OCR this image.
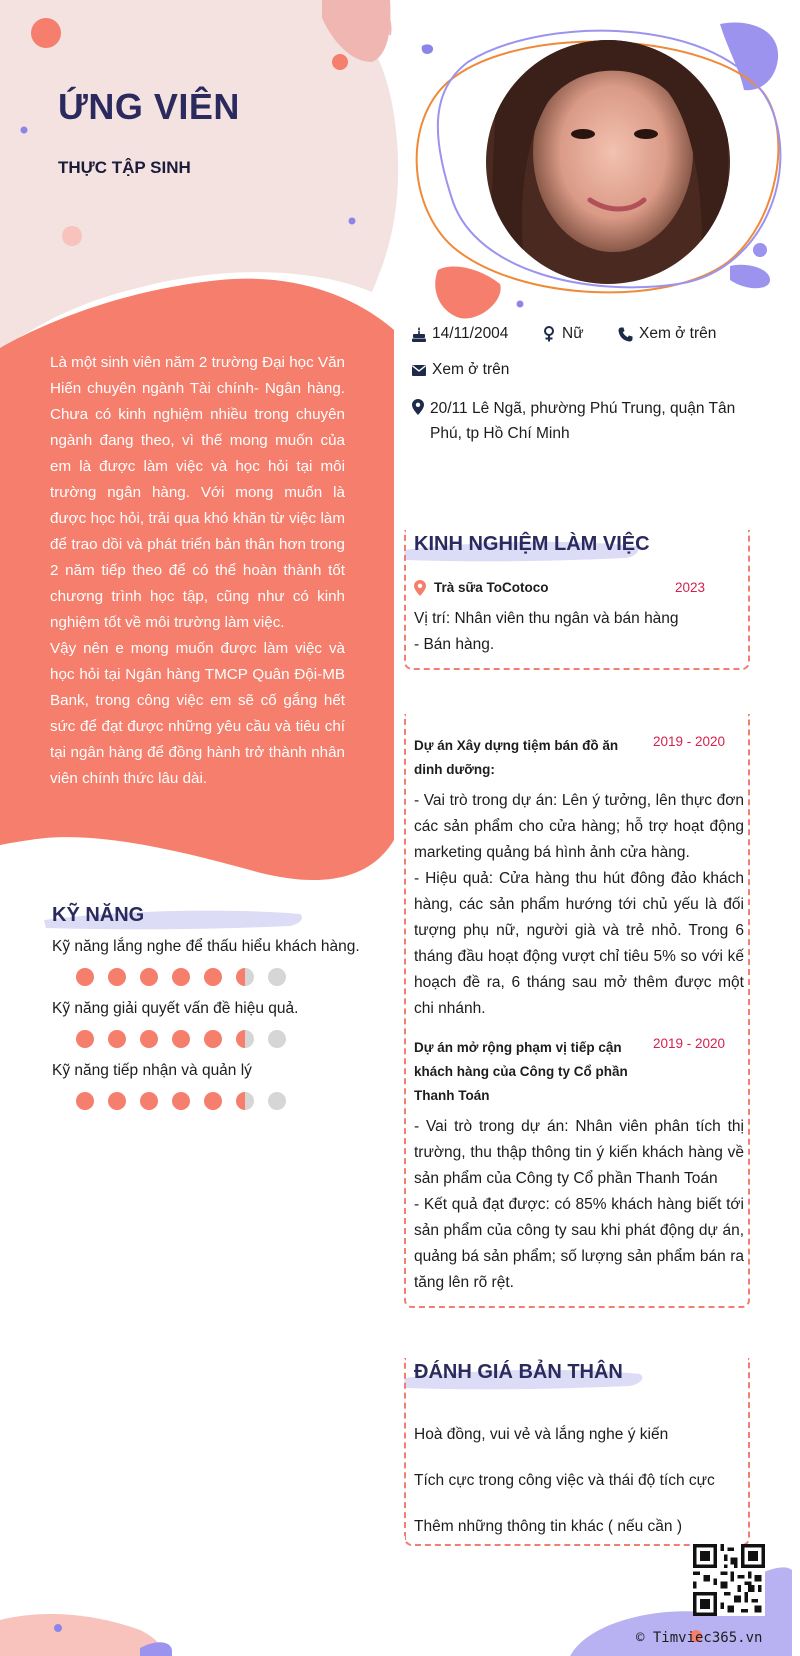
ỨNG VIÊN
THỰC TẬP SINH

Là một sinh viên năm 2 trường Đại học Văn Hiến chuyên ngành Tài chính- Ngân hàng. Chưa có kinh nghiệm nhiều trong chuyên ngành đang theo, vì thế mong muốn của em là được làm việc và học hỏi tại môi trường ngân hàng. Với mong muốn là được học hỏi, trải qua khó khăn từ việc làm để trao dồi và phát triển bản thân hơn trong 2 năm tiếp theo để có thể hoàn thành tốt chương trình học tập, cũng như có kinh nghiệm tốt về môi trường làm việc.

Vậy nên e mong muốn được làm việc và học hỏi tại Ngân hàng TMCP Quân Đội-MB Bank, trong công việc em sẽ cố gắng hết sức để đạt được những yêu cầu và tiêu chí tại ngân hàng để đồng hành trở thành nhân viên chính thức lâu dài.

14/11/2004	Nữ	Xem ở trên
Xem ở trên
20/11 Lê Ngã, phường Phú Trung, quận Tân Phú, tp Hồ Chí Minh
KỸ NĂNG
Kỹ năng lắng nghe để thấu hiểu khách hàng.
Kỹ năng giải quyết vấn đề hiệu quả.
Kỹ năng tiếp nhận và quản lý
KINH NGHIỆM LÀM VIỆC
Trà sữa ToCotoco	2023
Vị trí: Nhân viên thu ngân và bán hàng
- Bán hàng.
Dự án Xây dựng tiệm bán đồ ăn dinh dưỡng:
2019 - 2020
- Vai trò trong dự án: Lên ý tưởng, lên thực đơn các sản phẩm cho cửa hàng; hỗ trợ hoạt động marketing quảng bá hình ảnh cửa hàng.
- Hiệu quả: Cửa hàng thu hút đông đảo khách hàng, các sản phẩm hướng tới chủ yếu là đối tượng phụ nữ, người già và trẻ nhỏ. Trong 6 tháng đầu hoạt động vượt chỉ tiêu 5% so với kế hoạch đề ra, 6 tháng sau mở thêm được một chi nhánh.
Dự án mở rộng phạm vị tiếp cận khách hàng của Công ty Cổ phần Thanh Toán
2019 - 2020
- Vai trò trong dự án: Nhân viên phân tích thị trường, thu thập thông tin ý kiến khách hàng về sản phẩm của Công ty Cổ phần Thanh Toán
- Kết quả đạt được: có 85% khách hàng biết tới sản phẩm của công ty sau khi phát động dự án, quảng bá sản phẩm; số lượng sản phẩm bán ra tăng lên rõ rệt.
ĐÁNH GIÁ BẢN THÂN
Hoà đồng, vui vẻ và lắng nghe ý kiến
Tích cực trong công việc và thái độ tích cực
Thêm những thông tin khác ( nếu cần )
© Timviec365.vn
